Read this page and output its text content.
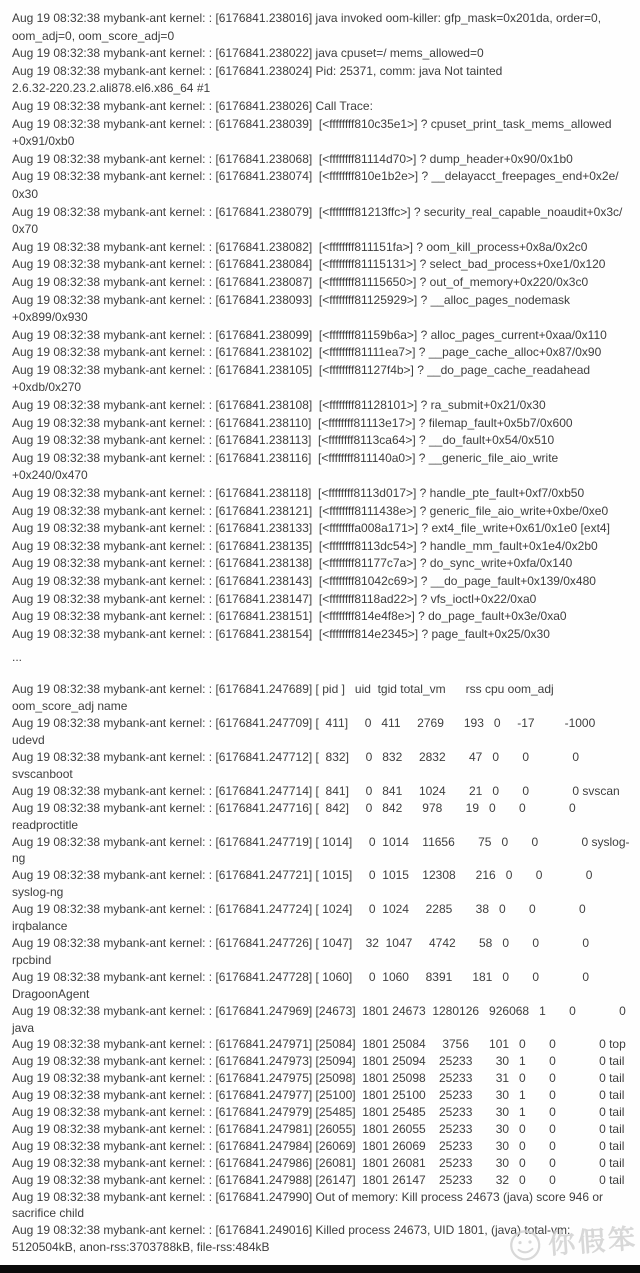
Aug 19 08:32:38 mybank-ant kernel: : [6176841.238016] java invoked oom-killer: gfp_mask=0x201da, order=0,
oom_adj=0, oom_score_adj=0
Aug 19 08:32:38 mybank-ant kernel: : [6176841.238022] java cpuset=/ mems_allowed=0
Aug 19 08:32:38 mybank-ant kernel: : [6176841.238024] Pid: 25371, comm: java Not tainted
2.6.32-220.23.2.ali878.el6.x86_64 #1
Aug 19 08:32:38 mybank-ant kernel: : [6176841.238026] Call Trace:
Aug 19 08:32:38 mybank-ant kernel: : [6176841.238039]  [<ffffffff810c35e1>] ? cpuset_print_task_mems_allowed
+0x91/0xb0
Aug 19 08:32:38 mybank-ant kernel: : [6176841.238068]  [<ffffffff81114d70>] ? dump_header+0x90/0x1b0
Aug 19 08:32:38 mybank-ant kernel: : [6176841.238074]  [<ffffffff810e1b2e>] ? __delayacct_freepages_end+0x2e/
0x30
Aug 19 08:32:38 mybank-ant kernel: : [6176841.238079]  [<ffffffff81213ffc>] ? security_real_capable_noaudit+0x3c/
0x70
Aug 19 08:32:38 mybank-ant kernel: : [6176841.238082]  [<ffffffff811151fa>] ? oom_kill_process+0x8a/0x2c0
Aug 19 08:32:38 mybank-ant kernel: : [6176841.238084]  [<ffffffff81115131>] ? select_bad_process+0xe1/0x120
Aug 19 08:32:38 mybank-ant kernel: : [6176841.238087]  [<ffffffff81115650>] ? out_of_memory+0x220/0x3c0
Aug 19 08:32:38 mybank-ant kernel: : [6176841.238093]  [<ffffffff81125929>] ? __alloc_pages_nodemask
+0x899/0x930
Aug 19 08:32:38 mybank-ant kernel: : [6176841.238099]  [<ffffffff81159b6a>] ? alloc_pages_current+0xaa/0x110
Aug 19 08:32:38 mybank-ant kernel: : [6176841.238102]  [<ffffffff81111ea7>] ? __page_cache_alloc+0x87/0x90
Aug 19 08:32:38 mybank-ant kernel: : [6176841.238105]  [<ffffffff81127f4b>] ? __do_page_cache_readahead
+0xdb/0x270
Aug 19 08:32:38 mybank-ant kernel: : [6176841.238108]  [<ffffffff81128101>] ? ra_submit+0x21/0x30
Aug 19 08:32:38 mybank-ant kernel: : [6176841.238110]  [<ffffffff81113e17>] ? filemap_fault+0x5b7/0x600
Aug 19 08:32:38 mybank-ant kernel: : [6176841.238113]  [<ffffffff8113ca64>] ? __do_fault+0x54/0x510
Aug 19 08:32:38 mybank-ant kernel: : [6176841.238116]  [<ffffffff811140a0>] ? __generic_file_aio_write
+0x240/0x470
Aug 19 08:32:38 mybank-ant kernel: : [6176841.238118]  [<ffffffff8113d017>] ? handle_pte_fault+0xf7/0xb50
Aug 19 08:32:38 mybank-ant kernel: : [6176841.238121]  [<ffffffff8111438e>] ? generic_file_aio_write+0xbe/0xe0
Aug 19 08:32:38 mybank-ant kernel: : [6176841.238133]  [<ffffffffa008a171>] ? ext4_file_write+0x61/0x1e0 [ext4]
Aug 19 08:32:38 mybank-ant kernel: : [6176841.238135]  [<ffffffff8113dc54>] ? handle_mm_fault+0x1e4/0x2b0
Aug 19 08:32:38 mybank-ant kernel: : [6176841.238138]  [<ffffffff81177c7a>] ? do_sync_write+0xfa/0x140
Aug 19 08:32:38 mybank-ant kernel: : [6176841.238143]  [<ffffffff81042c69>] ? __do_page_fault+0x139/0x480
Aug 19 08:32:38 mybank-ant kernel: : [6176841.238147]  [<ffffffff8118ad22>] ? vfs_ioctl+0x22/0xa0
Aug 19 08:32:38 mybank-ant kernel: : [6176841.238151]  [<ffffffff814e4f8e>] ? do_page_fault+0x3e/0xa0
Aug 19 08:32:38 mybank-ant kernel: : [6176841.238154]  [<ffffffff814e2345>] ? page_fault+0x25/0x30
...
Aug 19 08:32:38 mybank-ant kernel: : [6176841.247689] [ pid ]   uid  tgid total_vm      rss cpu oom_adj
oom_score_adj name
Aug 19 08:32:38 mybank-ant kernel: : [6176841.247709] [  411]     0   411     2769      193   0     -17         -1000
udevd
Aug 19 08:32:38 mybank-ant kernel: : [6176841.247712] [  832]     0   832     2832       47   0       0             0
svscanboot
Aug 19 08:32:38 mybank-ant kernel: : [6176841.247714] [  841]     0   841     1024       21   0       0             0 svscan
Aug 19 08:32:38 mybank-ant kernel: : [6176841.247716] [  842]     0   842      978       19   0       0             0
readproctitle
Aug 19 08:32:38 mybank-ant kernel: : [6176841.247719] [ 1014]     0  1014    11656       75   0       0             0 syslog-
ng
Aug 19 08:32:38 mybank-ant kernel: : [6176841.247721] [ 1015]     0  1015    12308      216   0       0             0
syslog-ng
Aug 19 08:32:38 mybank-ant kernel: : [6176841.247724] [ 1024]     0  1024     2285       38   0       0             0
irqbalance
Aug 19 08:32:38 mybank-ant kernel: : [6176841.247726] [ 1047]    32  1047     4742       58   0       0             0
rpcbind
Aug 19 08:32:38 mybank-ant kernel: : [6176841.247728] [ 1060]     0  1060     8391      181   0       0             0
DragoonAgent
Aug 19 08:32:38 mybank-ant kernel: : [6176841.247969] [24673]  1801 24673  1280126   926068   1       0             0
java
Aug 19 08:32:38 mybank-ant kernel: : [6176841.247971] [25084]  1801 25084     3756      101   0       0             0 top
Aug 19 08:32:38 mybank-ant kernel: : [6176841.247973] [25094]  1801 25094    25233       30   1       0             0 tail
Aug 19 08:32:38 mybank-ant kernel: : [6176841.247975] [25098]  1801 25098    25233       31   0       0             0 tail
Aug 19 08:32:38 mybank-ant kernel: : [6176841.247977] [25100]  1801 25100    25233       30   1       0             0 tail
Aug 19 08:32:38 mybank-ant kernel: : [6176841.247979] [25485]  1801 25485    25233       30   1       0             0 tail
Aug 19 08:32:38 mybank-ant kernel: : [6176841.247981] [26055]  1801 26055    25233       30   0       0             0 tail
Aug 19 08:32:38 mybank-ant kernel: : [6176841.247984] [26069]  1801 26069    25233       30   0       0             0 tail
Aug 19 08:32:38 mybank-ant kernel: : [6176841.247986] [26081]  1801 26081    25233       30   0       0             0 tail
Aug 19 08:32:38 mybank-ant kernel: : [6176841.247988] [26147]  1801 26147    25233       32   0       0             0 tail
Aug 19 08:32:38 mybank-ant kernel: : [6176841.247990] Out of memory: Kill process 24673 (java) score 946 or
sacrifice child
Aug 19 08:32:38 mybank-ant kernel: : [6176841.249016] Killed process 24673, UID 1801, (java) total-vm:
5120504kB, anon-rss:3703788kB, file-rss:484kB	你假笨
